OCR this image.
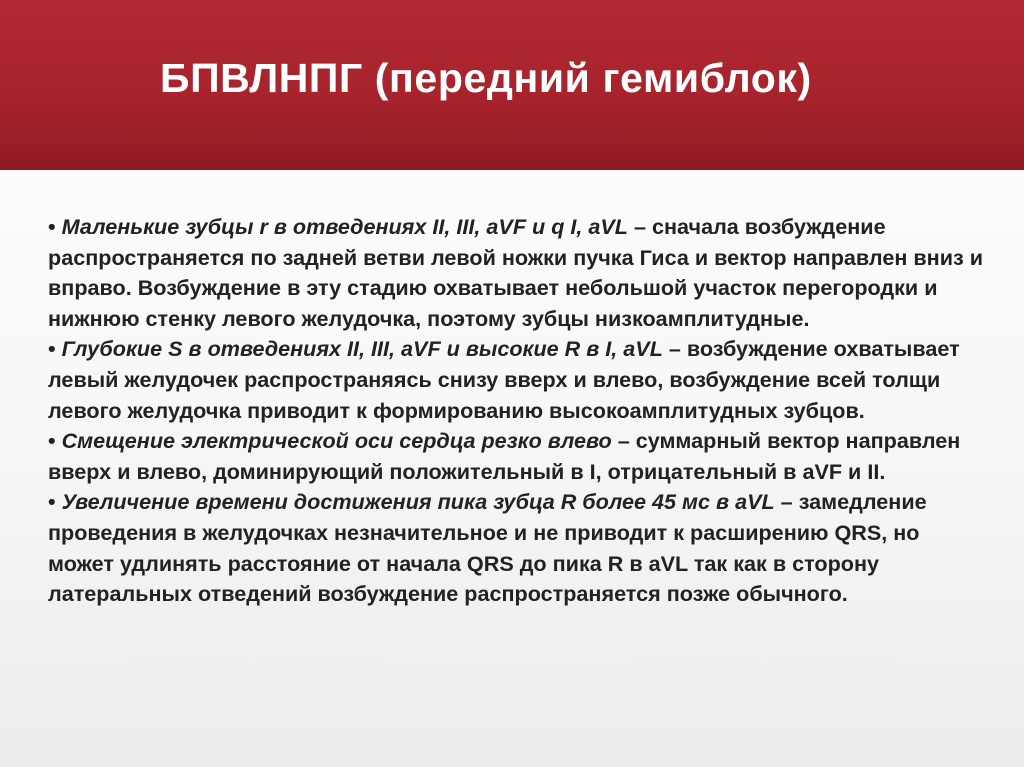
БПВЛНПГ (передний гемиблок)

• Маленькие зубцы r в отведениях II, III, aVF и q I, aVL – сначала возбуждение распространяется по задней ветви левой ножки пучка Гиса и вектор направлен вниз и вправо. Возбуждение в эту стадию охватывает небольшой участок перегородки и нижнюю стенку левого желудочка, поэтому зубцы низкоамплитудные.

• Глубокие S в отведениях II, III, aVF и высокие R в I, aVL – возбуждение охватывает левый желудочек распространяясь снизу вверх и влево, возбуждение всей толщи левого желудочка приводит к формированию высокоамплитудных зубцов.

• Смещение электрической оси сердца резко влево – суммарный вектор направлен вверх и влево, доминирующий положительный в I, отрицательный в aVF и II.

• Увеличение времени достижения пика зубца R более 45 мс в aVL – замедление проведения в желудочках незначительное и не приводит к расширению QRS, но может удлинять расстояние от начала QRS до пика R в aVL так как в сторону латеральных отведений возбуждение распространяется позже обычного.
